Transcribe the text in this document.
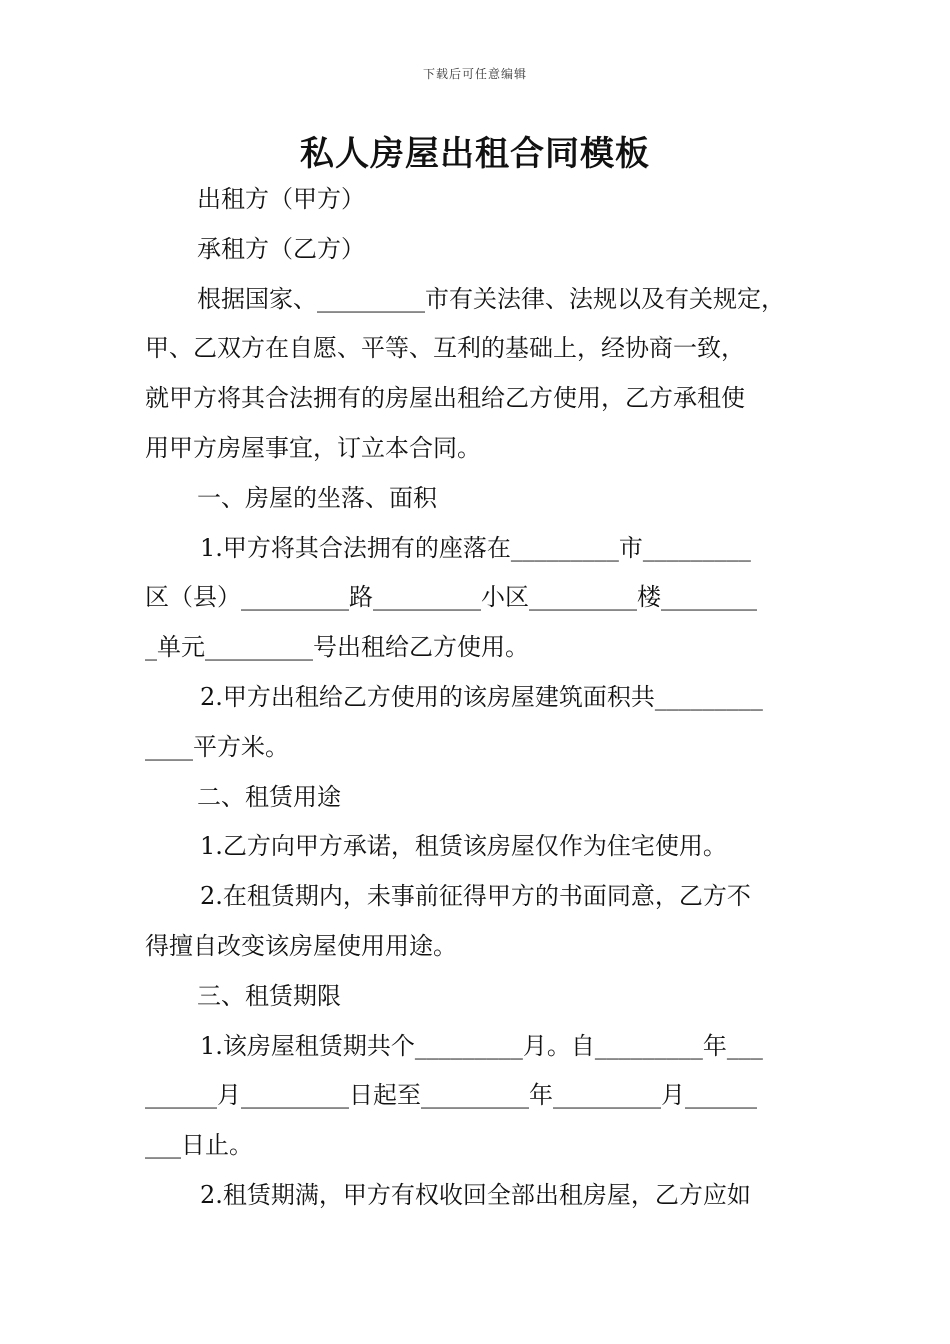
下载后可任意编辑
私人房屋出租合同模板
出租方（甲方）
承租方（乙方）
根据国家、_________市有关法律、法规以及有关规定，
甲、乙双方在自愿、平等、互利的基础上，经协商一致，
就甲方将其合法拥有的房屋出租给乙方使用，乙方承租使
用甲方房屋事宜，订立本合同。
一、房屋的坐落、面积
1.甲方将其合法拥有的座落在_________市_________
区（县）_________路_________小区_________楼________
_单元_________号出租给乙方使用。
2.甲方出租给乙方使用的该房屋建筑面积共_________
____平方米。
二、租赁用途
1.乙方向甲方承诺，租赁该房屋仅作为住宅使用。
2.在租赁期内，未事前征得甲方的书面同意，乙方不
得擅自改变该房屋使用用途。
三、租赁期限
1.该房屋租赁期共个_________月。自_________年___
______月_________日起至_________年_________月______
___日止。
2.租赁期满，甲方有权收回全部出租房屋，乙方应如
